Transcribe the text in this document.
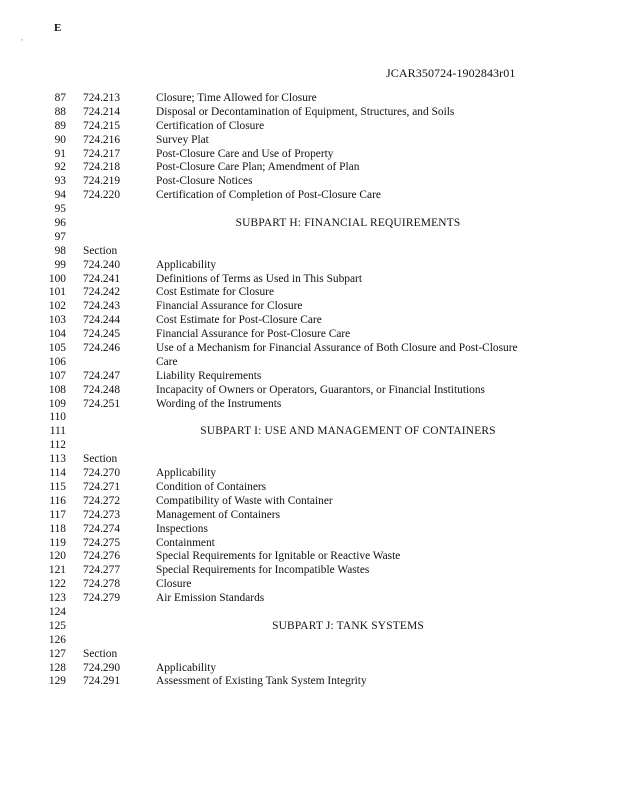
E
,
JCAR350724-1902843r01
87 724.213	Closure; Time Allowed for Closure
88 724.214	Disposal or Decontamination of Equipment, Structures, and Soils
89 724.215	Certification of Closure
90 724.216	Survey Plat
91 724.217	Post-Closure Care and Use of Property
92 724.218	Post-Closure Care Plan; Amendment of Plan
93 724.219	Post-Closure Notices
94 724.220	Certification of Completion of Post-Closure Care
95
96	SUBPART H: FINANCIAL REQUIREMENTS
97
98 Section
99 724.240	Applicability
100 724.241	Definitions of Terms as Used in This Subpart
101 724.242	Cost Estimate for Closure
102 724.243	Financial Assurance for Closure
103 724.244	Cost Estimate for Post-Closure Care
104 724.245	Financial Assurance for Post-Closure Care
105 724.246	Use of a Mechanism for Financial Assurance of Both Closure and Post-Closure
106	Care
107 724.247	Liability Requirements
108 724.248	Incapacity of Owners or Operators, Guarantors, or Financial Institutions
109 724.251	Wording of the Instruments
110
111	SUBPART I: USE AND MANAGEMENT OF CONTAINERS
112
113 Section
114 724.270	Applicability
115 724.271	Condition of Containers
116 724.272	Compatibility of Waste with Container
117 724.273	Management of Containers
118 724.274	Inspections
119 724.275	Containment
120 724.276	Special Requirements for Ignitable or Reactive Waste
121 724.277	Special Requirements for Incompatible Wastes
122 724.278	Closure
123 724.279	Air Emission Standards
124
125	SUBPART J: TANK SYSTEMS
126
127 Section
128 724.290	Applicability
129 724.291	Assessment of Existing Tank System Integrity
